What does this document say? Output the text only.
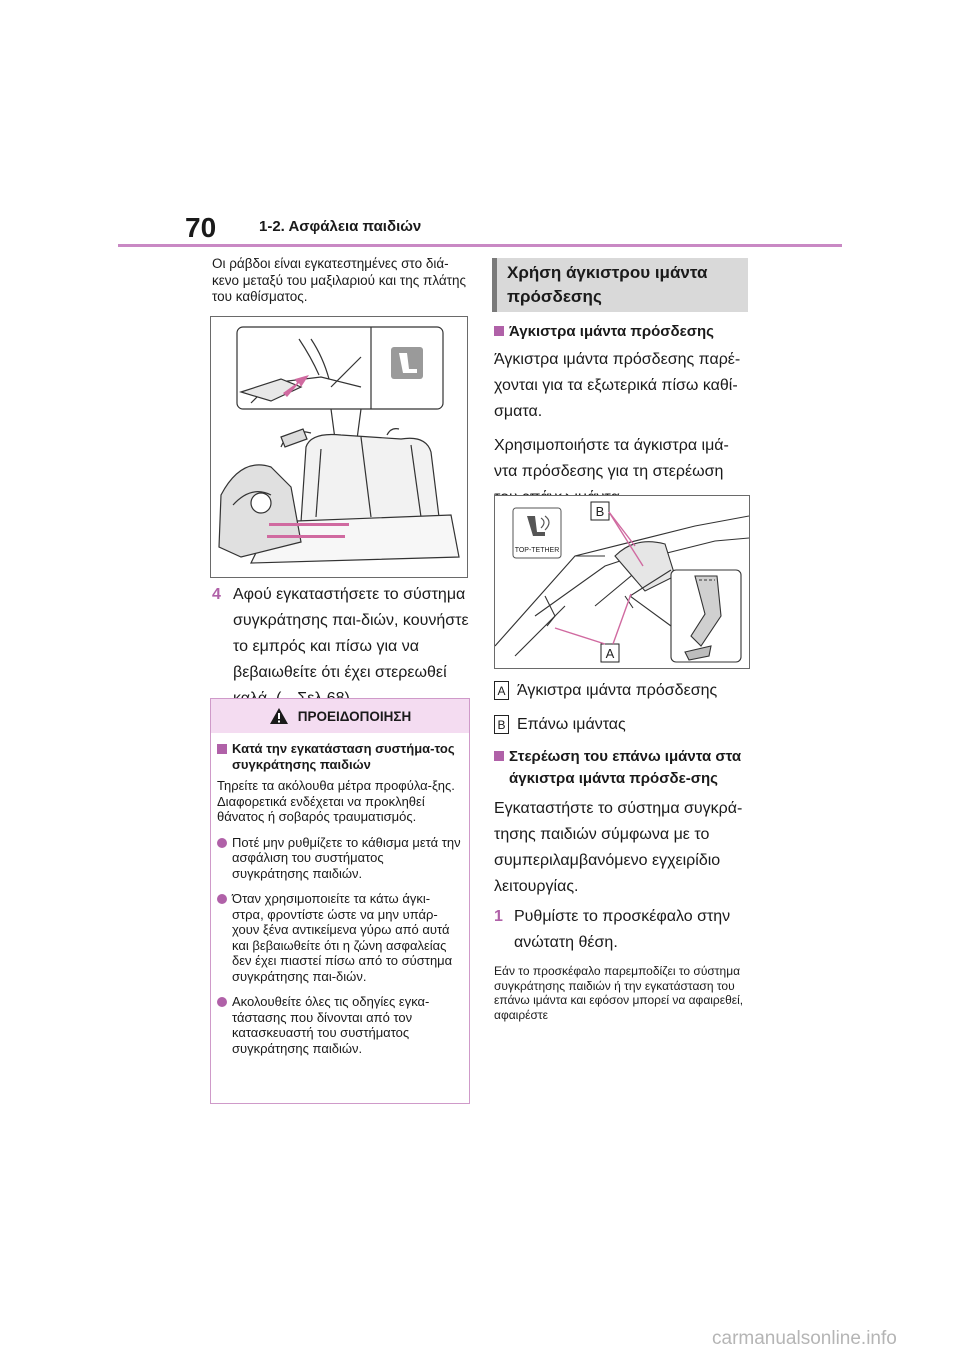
70	1-2. Ασφάλεια παιδιών
Οι ράβδοι είναι εγκατεστημένες στο διά-κενο μεταξύ του μαξιλαριού και της πλάτης του καθίσματος.
4 Αφού εγκαταστήσετε το σύστημα συγκράτησης παι-διών, κουνήστε το εμπρός και πίσω για να βεβαιωθείτε ότι έχει στερεωθεί
ΠΡΟΕΙΔΟΠΟΙΗΣΗ
Κατά την εγκατάσταση συστήμα-τος συγκράτησης παιδιών
Τηρείτε τα ακόλουθα μέτρα προφύλα-ξης.
Διαφορετικά ενδέχεται να προκληθεί θάνατος ή σοβαρός τραυματισμός.
Ποτέ μην ρυθμίζετε το κάθισμα μετά την ασφάλιση του συστήματος συγκράτησης παιδιών.
Όταν χρησιμοποιείτε τα κάτω άγκι-στρα, φροντίστε ώστε να μην υπάρ-χουν ξένα αντικείμενα γύρω από αυτά και βεβαιωθείτε ότι η ζώνη ασφαλείας δεν έχει πιαστεί πίσω από το σύστημα συγκράτησης παι-διών.
Ακολουθείτε όλες τις οδηγίες εγκα-τάστασης που δίνονται από τον κατασκευαστή του συστήματος συγκράτησης παιδιών.
Χρήση άγκιστρου ιμάντα πρόσδεσης
Άγκιστρα ιμάντα πρόσδεσης
Άγκιστρα ιμάντα πρόσδεσης παρέ-χονται για τα εξωτερικά πίσω καθί-σματα.
Χρησιμοποιήστε τα άγκιστρα ιμά-ντα πρόσδεσης για τη στερέωση
TOP-TETHER
B
A
A Άγκιστρα ιμάντα πρόσδεσης
B Επάνω ιμάντας
Στερέωση του επάνω ιμάντα στα άγκιστρα ιμάντα πρόσδε-σης
Εγκαταστήστε το σύστημα συγκρά-τησης παιδιών σύμφωνα με το συμπεριλαμβανόμενο εγχειρίδιο λειτουργίας.
1 Ρυθμίστε το προσκέφαλο στην ανώτατη θέση.
Εάν το προσκέφαλο παρεμποδίζει το σύστημα συγκράτησης παιδιών ή την εγκατάσταση του επάνω ιμάντα και εφόσον μπορεί να αφαιρεθεί, αφαιρέστε
carmanualsonline.info
